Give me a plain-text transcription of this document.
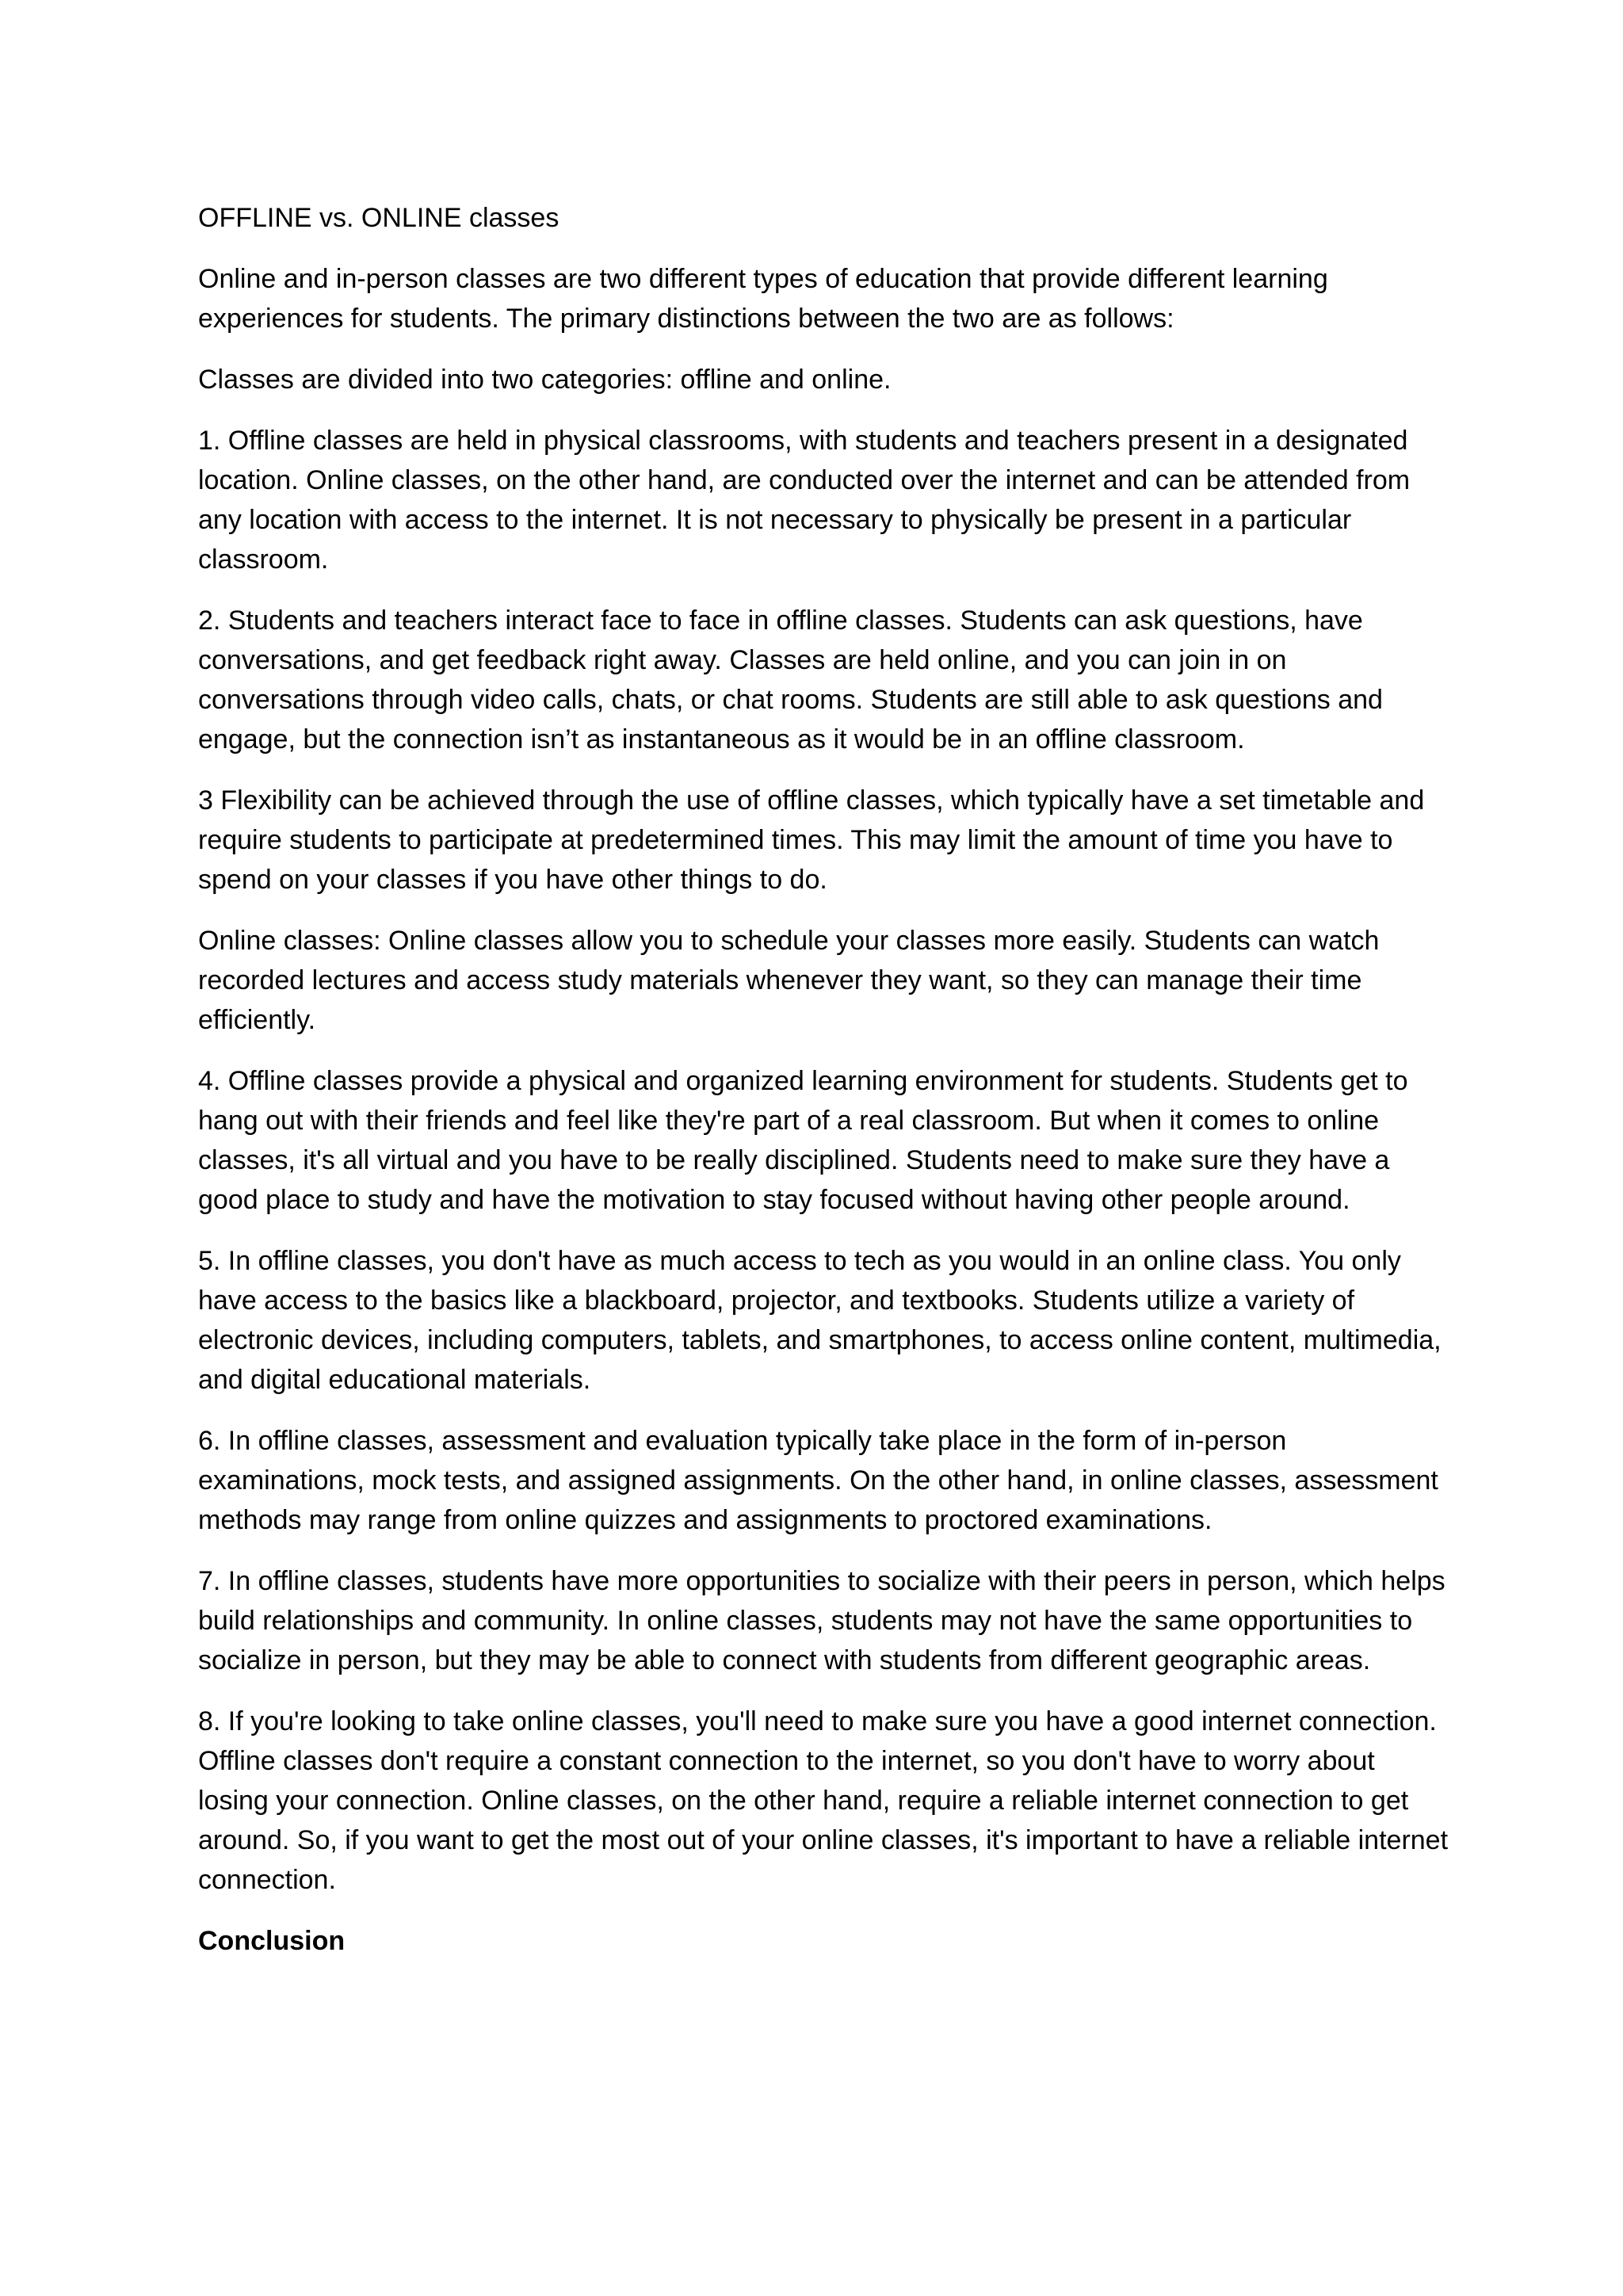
OFFLINE vs. ONLINE classes

Online and in-person classes are two different types of education that provide different learning experiences for students. The primary distinctions between the two are as follows:

Classes are divided into two categories: offline and online.

1. Offline classes are held in physical classrooms, with students and teachers present in a designated location. Online classes, on the other hand, are conducted over the internet and can be attended from any location with access to the internet. It is not necessary to physically be present in a particular classroom.

2. Students and teachers interact face to face in offline classes. Students can ask questions, have conversations, and get feedback right away. Classes are held online, and you can join in on conversations through video calls, chats, or chat rooms. Students are still able to ask questions and engage, but the connection isn’t as instantaneous as it would be in an offline classroom.

3 Flexibility can be achieved through the use of offline classes, which typically have a set timetable and require students to participate at predetermined times. This may limit the amount of time you have to spend on your classes if you have other things to do.

Online classes: Online classes allow you to schedule your classes more easily. Students can watch recorded lectures and access study materials whenever they want, so they can manage their time efficiently.

4. Offline classes provide a physical and organized learning environment for students. Students get to hang out with their friends and feel like they're part of a real classroom. But when it comes to online classes, it's all virtual and you have to be really disciplined. Students need to make sure they have a good place to study and have the motivation to stay focused without having other people around.

5. In offline classes, you don't have as much access to tech as you would in an online class. You only have access to the basics like a blackboard, projector, and textbooks. Students utilize a variety of electronic devices, including computers, tablets, and smartphones, to access online content, multimedia, and digital educational materials.

6. In offline classes, assessment and evaluation typically take place in the form of in-person examinations, mock tests, and assigned assignments. On the other hand, in online classes, assessment methods may range from online quizzes and assignments to proctored examinations.

7. In offline classes, students have more opportunities to socialize with their peers in person, which helps build relationships and community. In online classes, students may not have the same opportunities to socialize in person, but they may be able to connect with students from different geographic areas.

8. If you're looking to take online classes, you'll need to make sure you have a good internet connection. Offline classes don't require a constant connection to the internet, so you don't have to worry about losing your connection. Online classes, on the other hand, require a reliable internet connection to get around. So, if you want to get the most out of your online classes, it's important to have a reliable internet connection.

Conclusion
